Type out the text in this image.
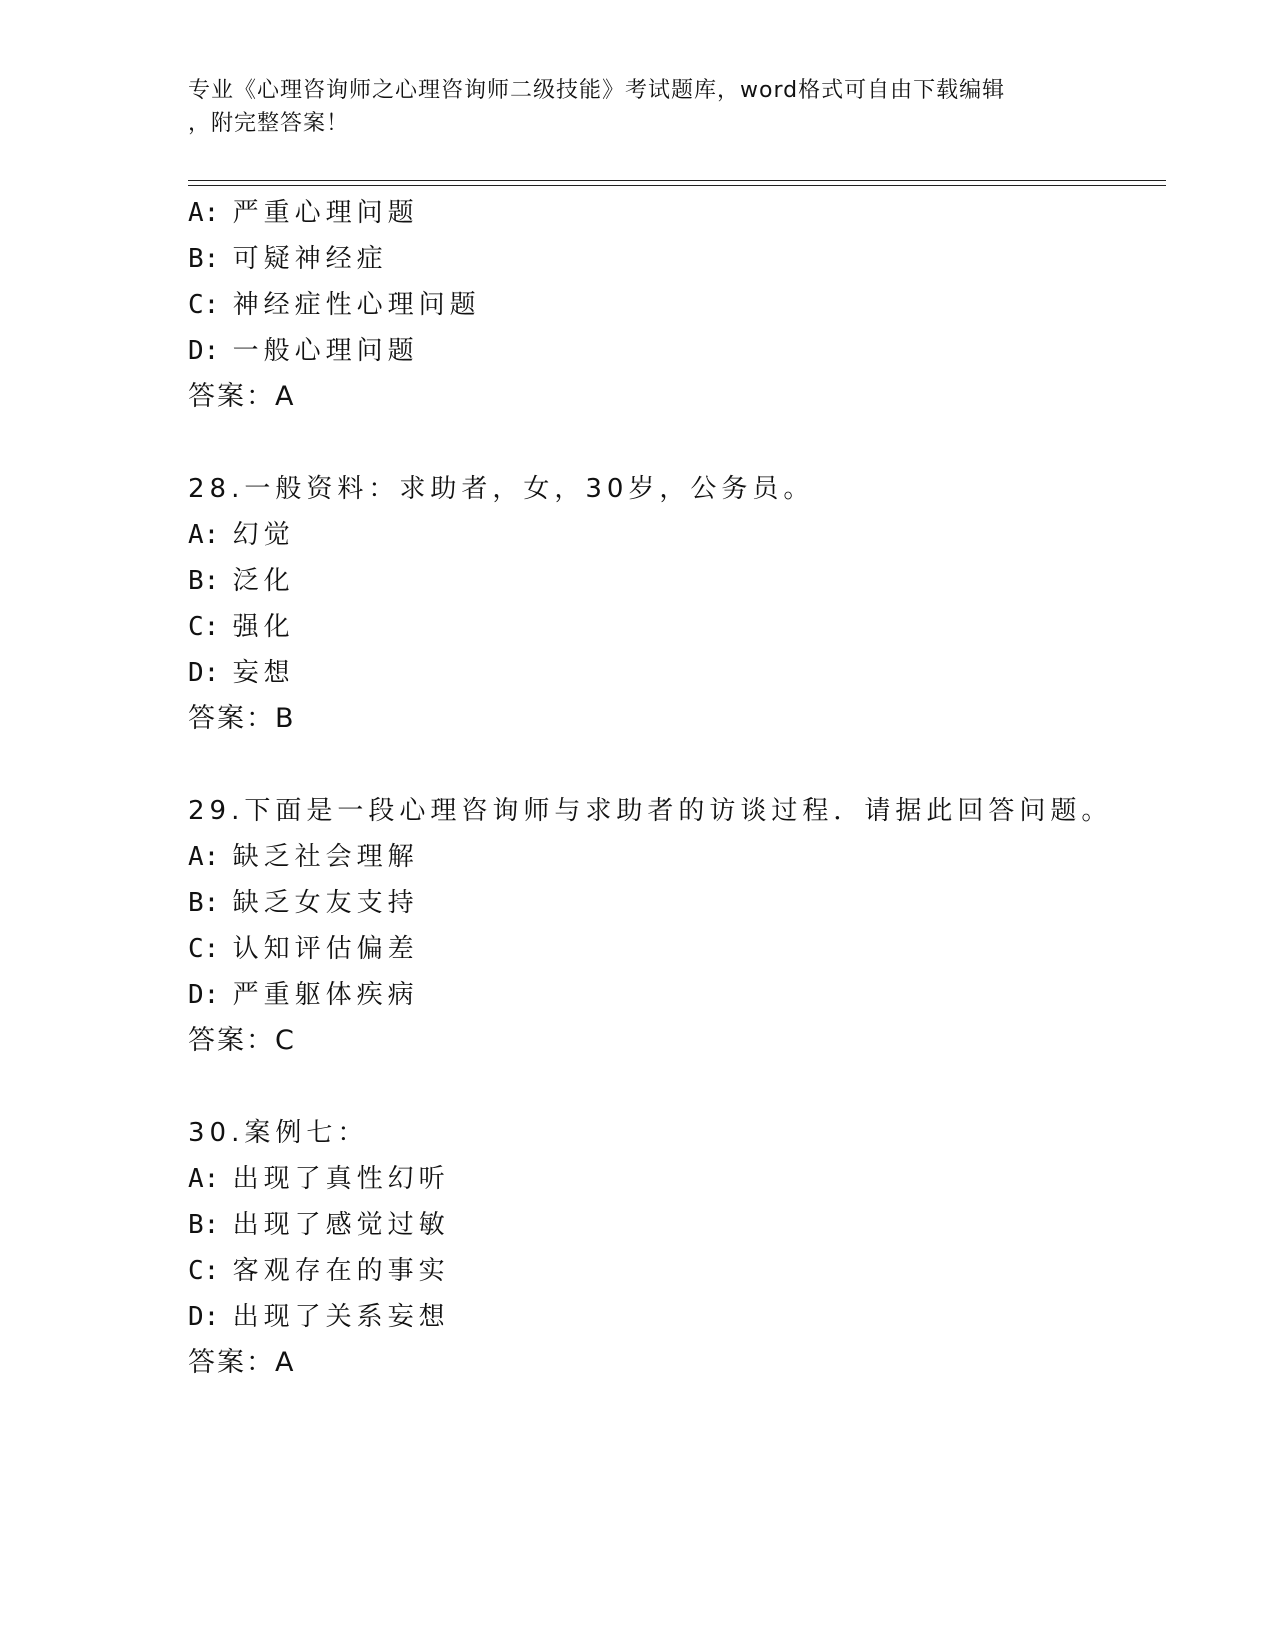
专业《心理咨询师之心理咨询师二级技能》考试题库，word格式可自由下载编辑
，附完整答案！
A: 严重心理问题
B: 可疑神经症
C: 神经症性心理问题
D: 一般心理问题
答案：A
28.一般资料：求助者，女，30岁，公务员。
A: 幻觉
B: 泛化
C: 强化
D: 妄想
答案：B
29.下面是一段心理咨询师与求助者的访谈过程．请据此回答问题。
A: 缺乏社会理解
B: 缺乏女友支持
C: 认知评估偏差
D: 严重躯体疾病
答案：C
30.案例七：
A: 出现了真性幻听
B: 出现了感觉过敏
C: 客观存在的事实
D: 出现了关系妄想
答案：A
